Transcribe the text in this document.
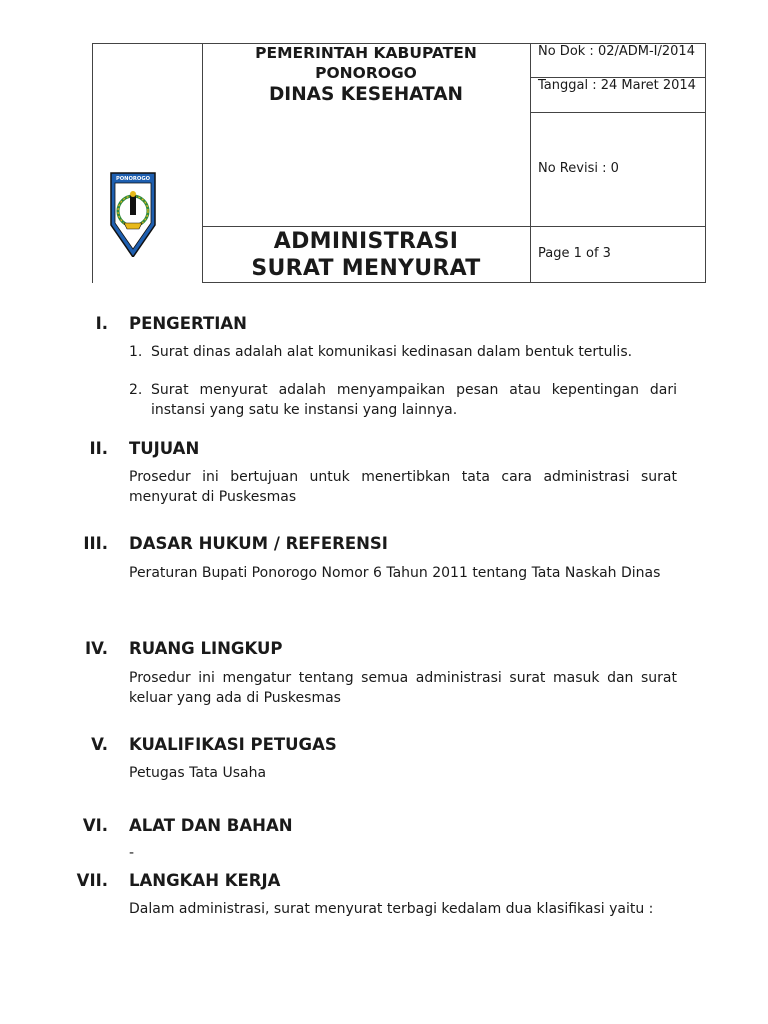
PONOROGO
PEMERINTAH KABUPATEN
PONOROGO
DINAS KESEHATAN
ADMINISTRASI
SURAT MENYURAT
No Dok : 02/ADM-I/2014
Tanggal : 24 Maret 2014
No Revisi : 0
Page 1 of 3
I. PENGERTIAN
1. Surat dinas adalah alat komunikasi kedinasan dalam bentuk tertulis.
2. Surat menyurat adalah menyampaikan pesan atau kepentingan dari instansi yang satu ke instansi yang lainnya.
II. TUJUAN
Prosedur ini bertujuan untuk menertibkan tata cara administrasi surat menyurat di Puskesmas
III. DASAR HUKUM / REFERENSI
Peraturan Bupati Ponorogo Nomor 6 Tahun 2011 tentang Tata Naskah Dinas
IV. RUANG LINGKUP
Prosedur ini mengatur tentang semua administrasi surat masuk dan surat keluar yang ada di Puskesmas
V. KUALIFIKASI PETUGAS
Petugas Tata Usaha
VI. ALAT DAN BAHAN
-
VII. LANGKAH KERJA
Dalam administrasi, surat menyurat terbagi kedalam dua klasifikasi yaitu :
